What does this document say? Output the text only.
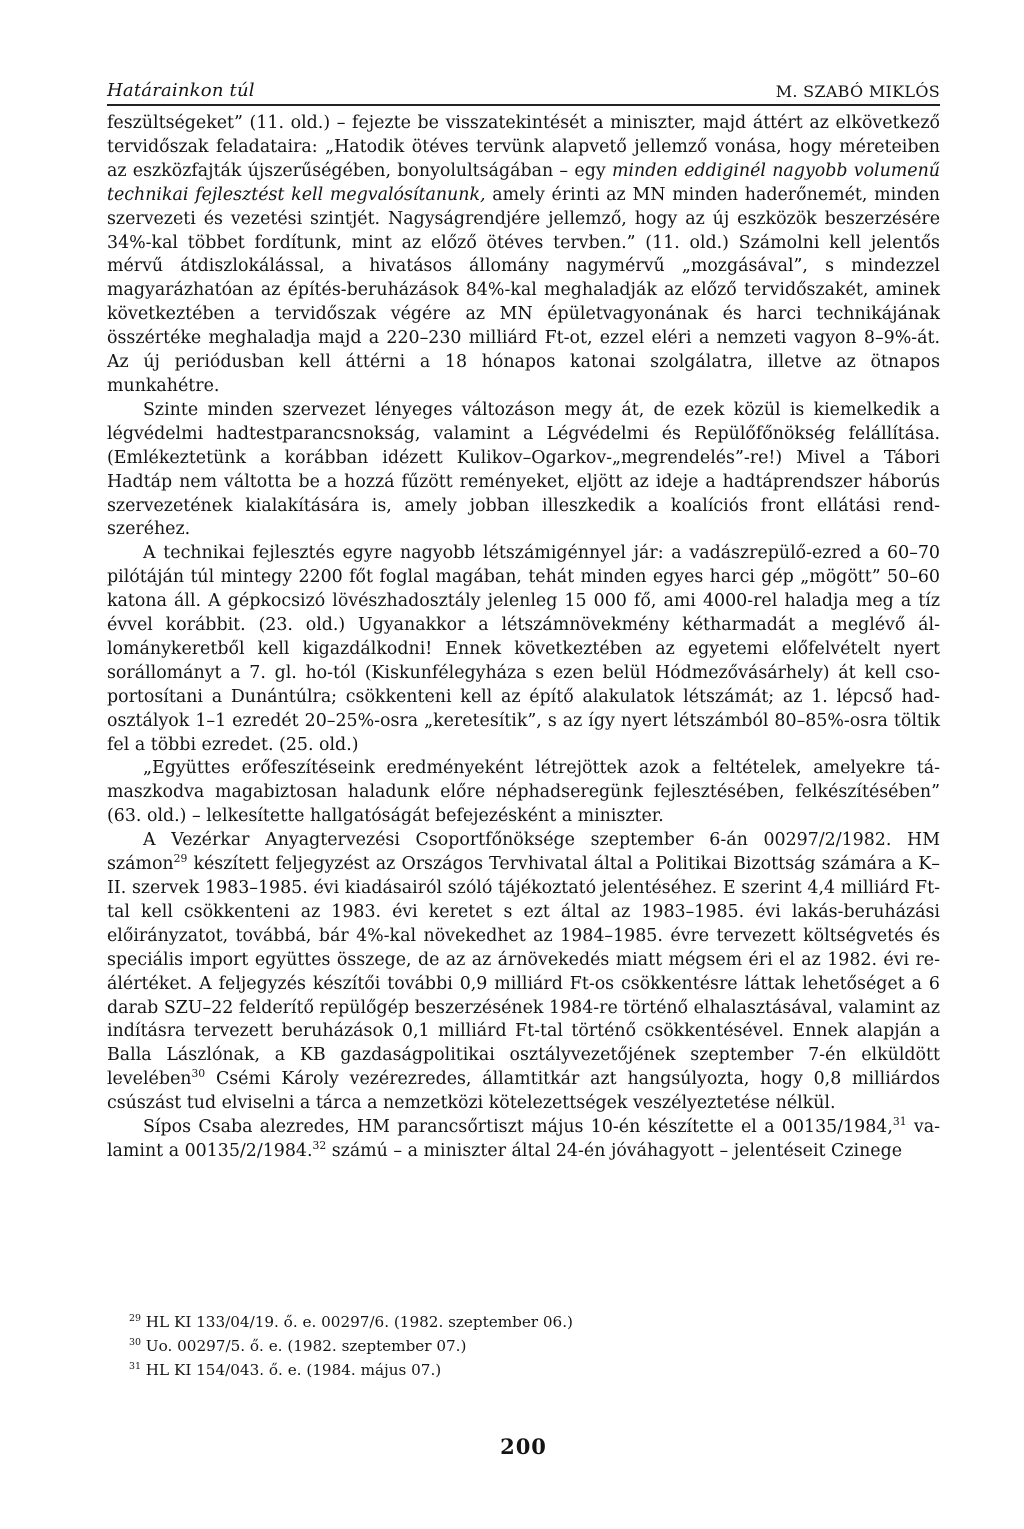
Határainkon túl	M. SZABÓ MIKLÓS

feszültségeket” (11. old.) – fejezte be visszatekintését a miniszter, majd áttért az elkövetkező tervidőszak feladataira: „Hatodik ötéves tervünk alapvető jellemző vonása, hogy méreteiben az eszközfajták újszerűségében, bonyolultságában – egy minden eddiginél nagyobb volumenű technikai fejlesztést kell megvalósítanunk, amely érinti az MN minden haderőnemét, minden szervezeti és vezetési szintjét. Nagyságrendjére jellemző, hogy az új eszközök beszerzésére 34%-kal többet fordítunk, mint az előző ötéves tervben.” (11. old.) Számolni kell jelentős mérvű átdiszlokálással, a hivatásos állomány nagymérvű „mozgásával”, s mindezzel magyarázhatóan az építés-beruházások 84%-kal meghaladják az előző tervidőszakét, aminek következtében a tervidőszak végére az MN épületvagyonának és harci technikájának összértéke meghaladja majd a 220–230 milliárd Ft-ot, ezzel eléri a nemzeti vagyon 8–9%-át. Az új periódusban kell áttérni a 18 hónapos katonai szolgálatra, illetve az ötnapos munkahétre.

Szinte minden szervezet lényeges változáson megy át, de ezek közül is kiemelkedik a légvédelmi hadtestparancsnokság, valamint a Légvédelmi és Repülőfőnökség felállítása. (Emlékeztetünk a korábban idézett Kulikov–Ogarkov-„megrendelés”-re!) Mivel a Tábori Hadtáp nem váltotta be a hozzá fűzött reményeket, eljött az ideje a hadtáprendszer háborús szervezetének kialakítására is, amely jobban illeszkedik a koalíciós front ellátási rendszeréhez.

A technikai fejlesztés egyre nagyobb létszámigénnyel jár: a vadászrepülő-ezred a 60–70 pilótáján túl mintegy 2200 főt foglal magában, tehát minden egyes harci gép „mögött” 50–60 katona áll. A gépkocsizó lövészhadosztály jelenleg 15 000 fő, ami 4000-rel haladja meg a tíz évvel korábbit. (23. old.) Ugyanakkor a létszámnövekmény kétharmadát a meglévő állománykeretből kell kigazdálkodni! Ennek következtében az egyetemi előfelvételt nyert sorállományt a 7. gl. ho-tól (Kiskunfélegyháza s ezen belül Hódmezővásárhely) át kell csoportosítani a Dunántúlra; csökkenteni kell az építő alakulatok létszámát; az 1. lépcső hadosztályok 1–1 ezredét 20–25%-osra „keretesítik”, s az így nyert létszámból 80–85%-osra töltik fel a többi ezredet. (25. old.)

„Együttes erőfeszítéseink eredményeként létrejöttek azok a feltételek, amelyekre támaszkodva magabiztosan haladunk előre néphadseregünk fejlesztésében, felkészítésében” (63. old.) – lelkesítette hallgatóságát befejezésként a miniszter.

A Vezérkar Anyagtervezési Csoportfőnöksége szeptember 6-án 00297/2/1982. HM számon$^{29}$ készített feljegyzést az Országos Tervhivatal által a Politikai Bizottság számára a K–II. szervek 1983–1985. évi kiadásairól szóló tájékoztató jelentéséhez. E szerint 4,4 milliárd Ft-tal kell csökkenteni az 1983. évi keretet s ezt által az 1983–1985. évi lakás-beruházási előirányzatot, továbbá, bár 4%-kal növekedhet az 1984–1985. évre tervezett költségvetés és speciális import együttes összege, de az az árnövekedés miatt mégsem éri el az 1982. évi reálértéket. A feljegyzés készítői további 0,9 milliárd Ft-os csökkentésre láttak lehetőséget a 6 darab SZU–22 felderítő repülőgép beszerzésének 1984-re történő elhalasztásával, valamint az indításra tervezett beruházások 0,1 milliárd Ft-tal történő csökkentésével. Ennek alapján a Balla Lászlónak, a KB gazdaságpolitikai osztályvezetőjének szeptember 7-én elküldött levelében$^{30}$ Csémi Károly vezérezredes, államtitkár azt hangsúlyozta, hogy 0,8 milliárdos csúszást tud elviselni a tárca a nemzetközi kötelezettségek veszélyeztetése nélkül.

Sípos Csaba alezredes, HM parancsőrtiszt május 10-én készítette el a 00135/1984,31 valamint a 00135/2/1984.32 számú – a miniszter által 24-én jóváhagyott – jelentéseit Czinege

$^{29}$ HL KI 133/04/19. ő. e. 00297/6. (1982. szeptember 06.)
$^{30}$ Uo. 00297/5. ő. e. (1982. szeptember 07.)
$^{31}$ HL KI 154/043. ő. e. (1984. május 07.)
200
